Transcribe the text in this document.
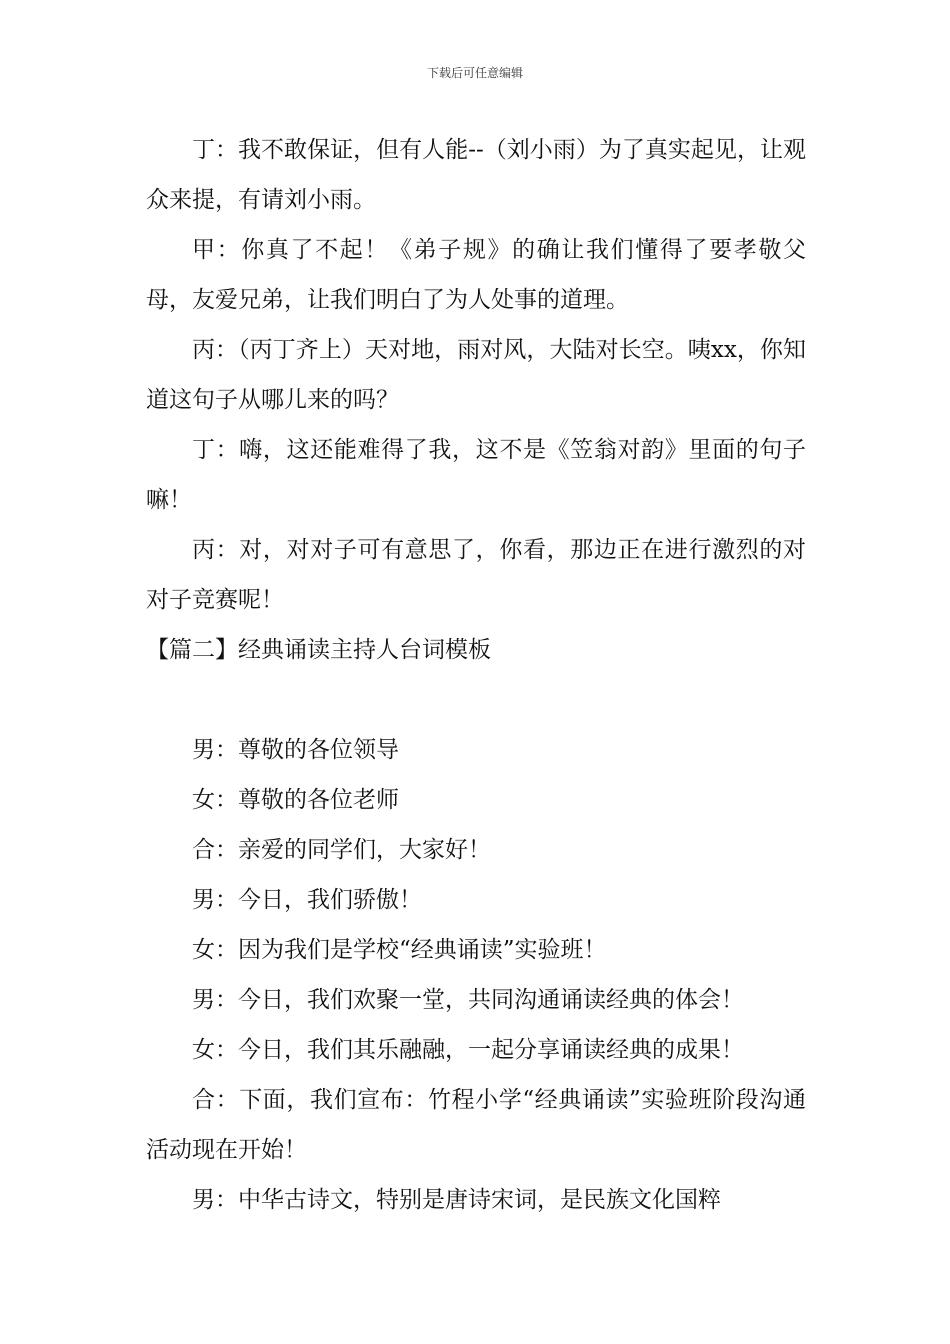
下载后可任意编辑

丁：我不敢保证，但有人能--（刘小雨）为了真实起见，让观众来提，有请刘小雨。

甲：你真了不起！《弟子规》的确让我们懂得了要孝敬父母，友爱兄弟，让我们明白了为人处事的道理。

丙：（丙丁齐上）天对地，雨对风，大陆对长空。咦xx，你知道这句子从哪儿来的吗？

丁：嗨，这还能难得了我，这不是《笠翁对韵》里面的句子嘛！

丙：对，对对子可有意思了，你看，那边正在进行激烈的对对子竞赛呢！

【篇二】经典诵读主持人台词模板

男：尊敬的各位领导

女：尊敬的各位老师

合：亲爱的同学们，大家好！

男：今日，我们骄傲！

女：因为我们是学校“经典诵读”实验班！

男：今日，我们欢聚一堂，共同沟通诵读经典的体会！

女：今日，我们其乐融融，一起分享诵读经典的成果！

合：下面，我们宣布：竹程小学“经典诵读”实验班阶段沟通活动现在开始！

男：中华古诗文，特别是唐诗宋词，是民族文化国粹
